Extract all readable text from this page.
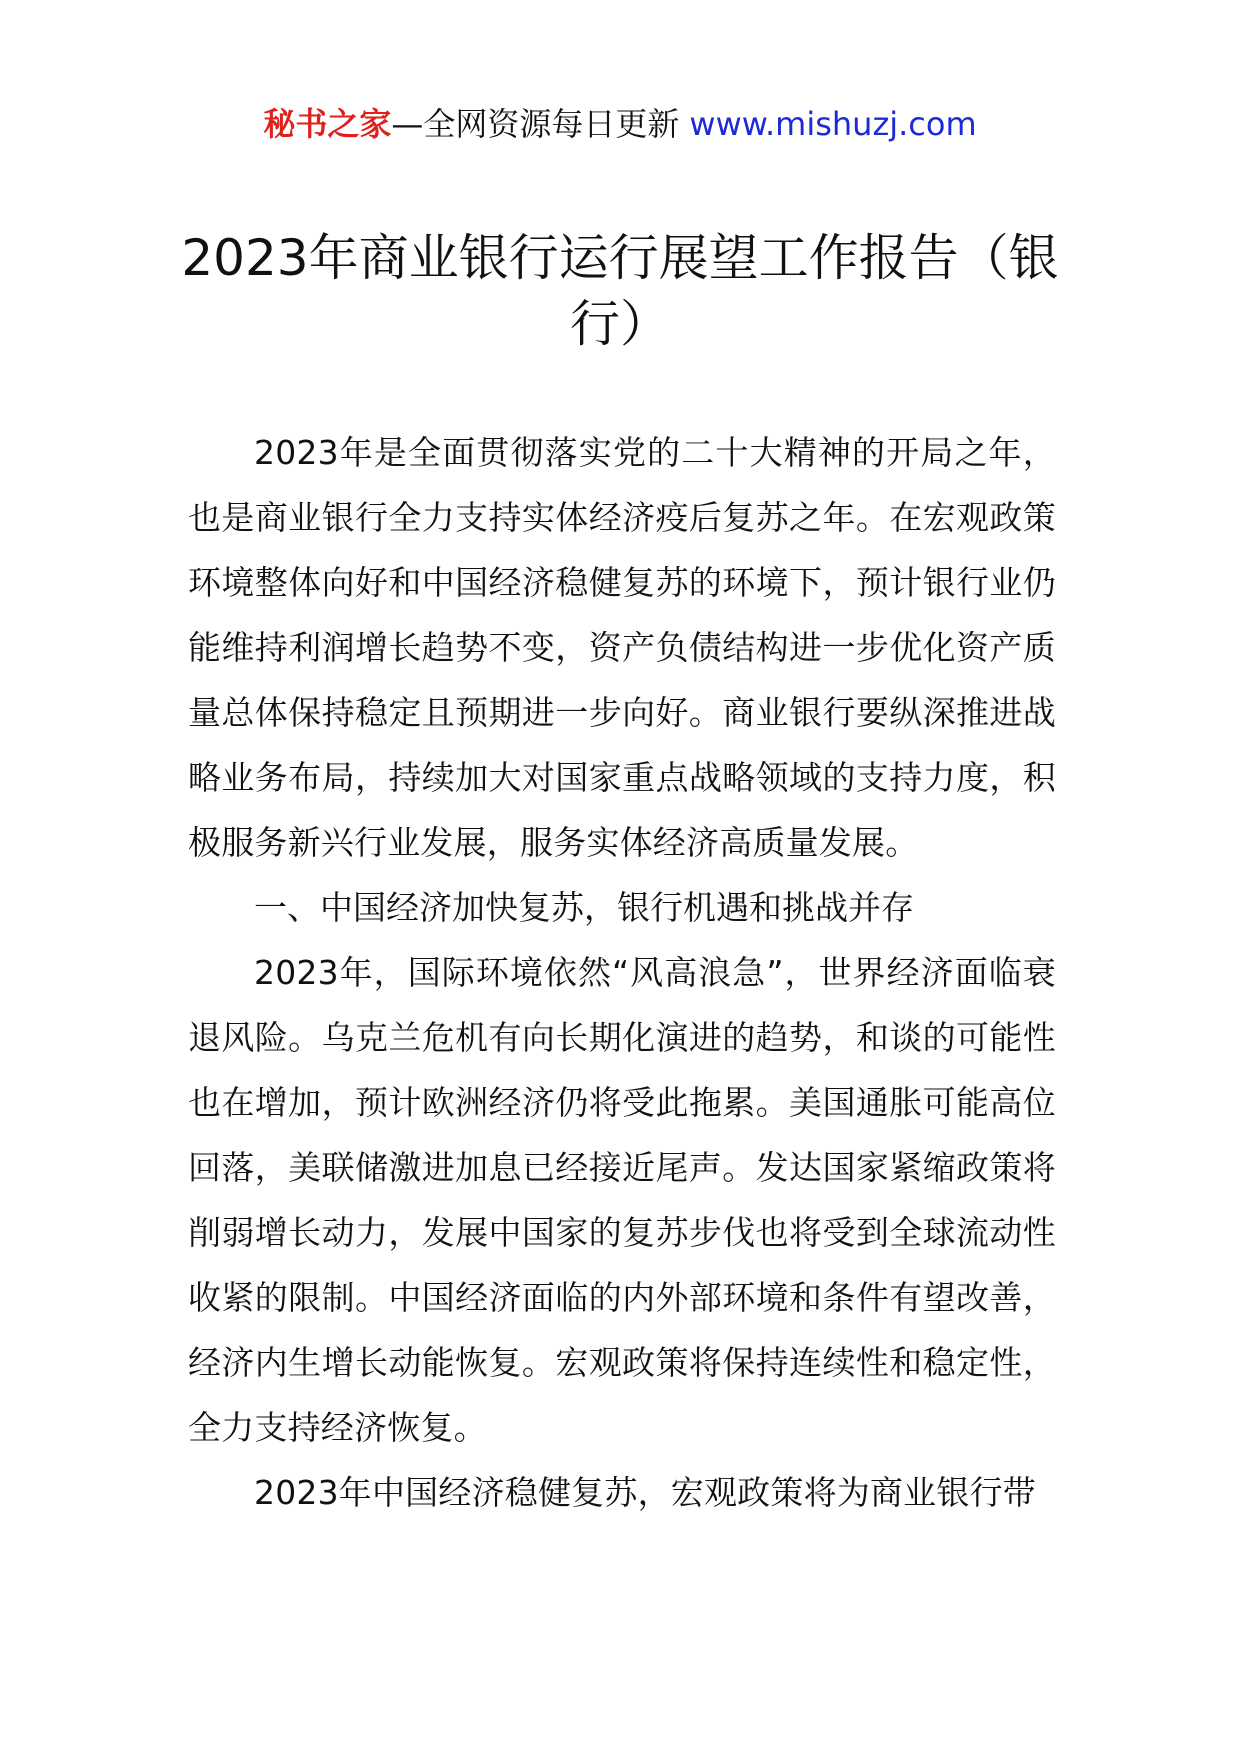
秘书之家—全网资源每日更新 www.mishuzj.com
2023年商业银行运行展望工作报告（银
行）

2023年是全面贯彻落实党的二十大精神的开局之年，也是商业银行全力支持实体经济疫后复苏之年。在宏观政策环境整体向好和中国经济稳健复苏的环境下，预计银行业仍能维持利润增长趋势不变，资产负债结构进一步优化资产质量总体保持稳定且预期进一步向好。商业银行要纵深推进战略业务布局，持续加大对国家重点战略领域的支持力度，积极服务新兴行业发展，服务实体经济高质量发展。

一、中国经济加快复苏，银行机遇和挑战并存

2023年，国际环境依然“风高浪急”，世界经济面临衰退风险。乌克兰危机有向长期化演进的趋势，和谈的可能性也在增加，预计欧洲经济仍将受此拖累。美国通胀可能高位回落，美联储激进加息已经接近尾声。发达国家紧缩政策将削弱增长动力，发展中国家的复苏步伐也将受到全球流动性收紧的限制。中国经济面临的内外部环境和条件有望改善，经济内生增长动能恢复。宏观政策将保持连续性和稳定性，全力支持经济恢复。

2023年中国经济稳健复苏，宏观政策将为商业银行带
